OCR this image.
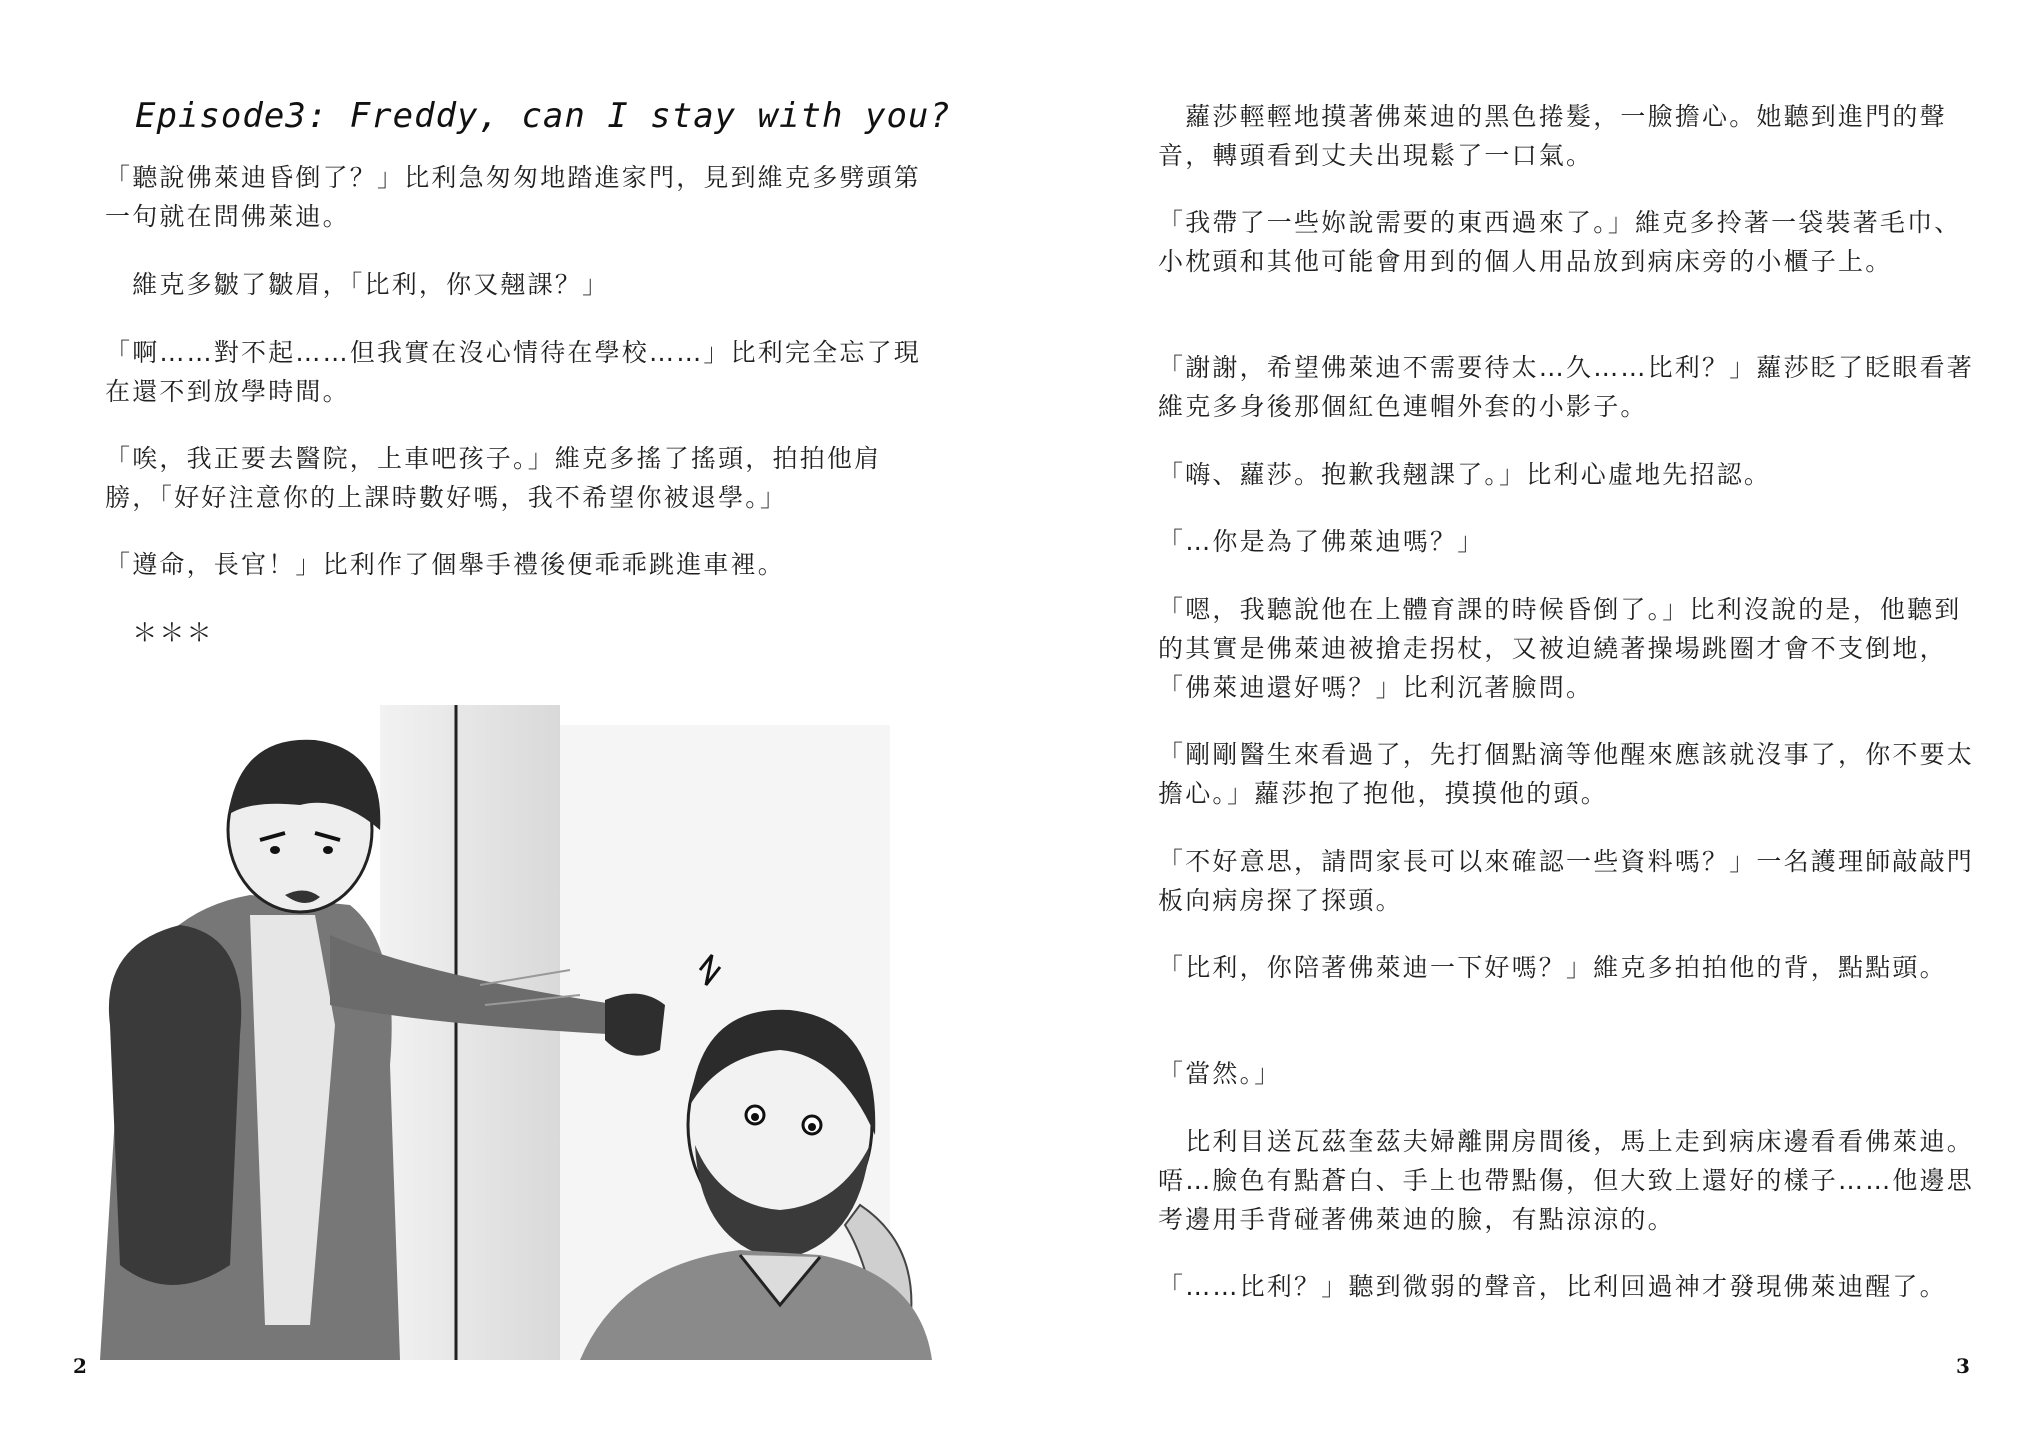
Episode3: Freddy, can I stay with you?

「聽說佛萊迪昏倒了？」比利急匆匆地踏進家門，見到維克多劈頭第一句就在問佛萊迪。

　維克多皺了皺眉，「比利，你又翹課？」

「啊……對不起……但我實在沒心情待在學校……」比利完全忘了現在還不到放學時間。

「唉，我正要去醫院，上車吧孩子。」維克多搖了搖頭，拍拍他肩膀，「好好注意你的上課時數好嗎，我不希望你被退學。」

「遵命，長官！」比利作了個舉手禮後便乖乖跳進車裡。

　＊＊＊

2

　蘿莎輕輕地摸著佛萊迪的黑色捲髮，一臉擔心。她聽到進門的聲音，轉頭看到丈夫出現鬆了一口氣。

「我帶了一些妳說需要的東西過來了。」維克多拎著一袋裝著毛巾、小枕頭和其他可能會用到的個人用品放到病床旁的小櫃子上。

「謝謝，希望佛萊迪不需要待太…久……比利？」蘿莎眨了眨眼看著維克多身後那個紅色連帽外套的小影子。

「嗨、蘿莎。抱歉我翹課了。」比利心虛地先招認。

「…你是為了佛萊迪嗎？」

「嗯，我聽說他在上體育課的時候昏倒了。」比利沒說的是，他聽到的其實是佛萊迪被搶走拐杖，又被迫繞著操場跳圈才會不支倒地，「佛萊迪還好嗎？」比利沉著臉問。

「剛剛醫生來看過了，先打個點滴等他醒來應該就沒事了，你不要太擔心。」蘿莎抱了抱他，摸摸他的頭。

「不好意思，請問家長可以來確認一些資料嗎？」一名護理師敲敲門板向病房探了探頭。

「比利，你陪著佛萊迪一下好嗎？」維克多拍拍他的背，點點頭。

「當然。」

　比利目送瓦茲奎茲夫婦離開房間後，馬上走到病床邊看看佛萊迪。唔…臉色有點蒼白、手上也帶點傷，但大致上還好的樣子……他邊思考邊用手背碰著佛萊迪的臉，有點涼涼的。

「……比利？」聽到微弱的聲音，比利回過神才發現佛萊迪醒了。

3
